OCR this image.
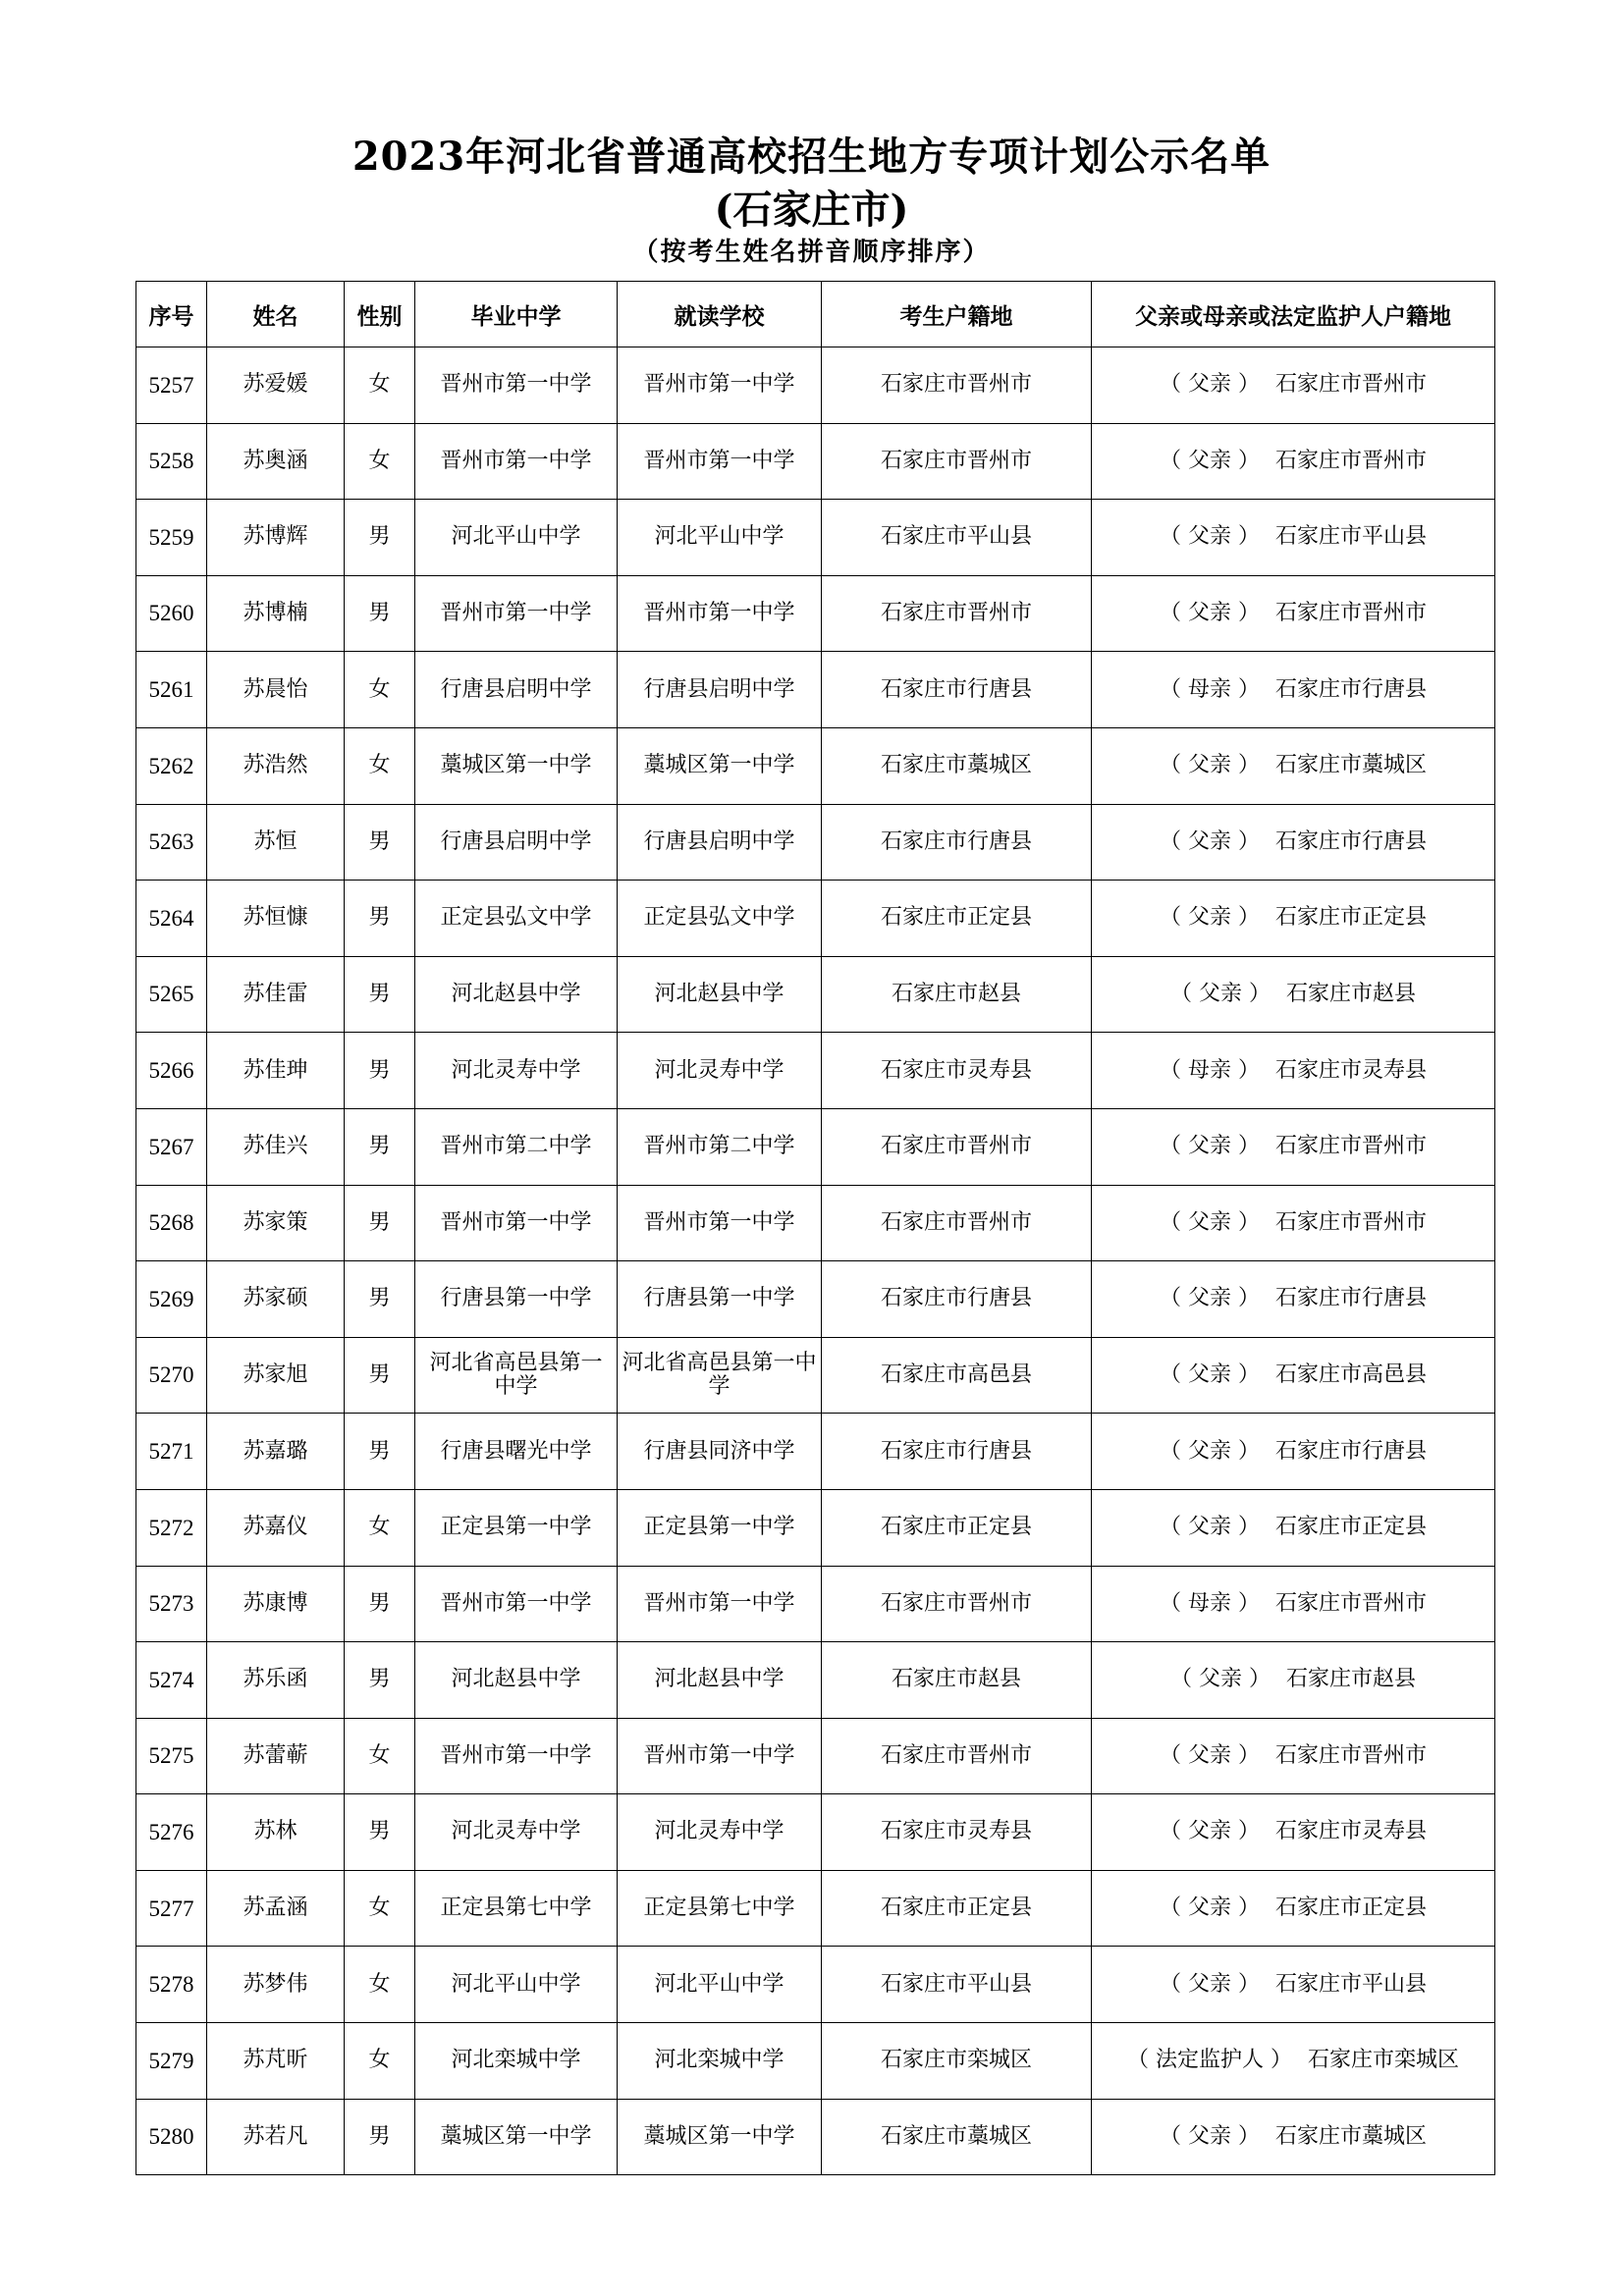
2023年河北省普通高校招生地方专项计划公示名单
(石家庄市)
（按考生姓名拼音顺序排序）
序号	姓名	性别	毕业中学	就读学校	考生户籍地	父亲或母亲或法定监护人户籍地
5257	苏爱媛	女	晋州市第一中学	晋州市第一中学	石家庄市晋州市	（ 父亲 ） 石家庄市晋州市
5258	苏奥涵	女	晋州市第一中学	晋州市第一中学	石家庄市晋州市	（ 父亲 ） 石家庄市晋州市
5259	苏博辉	男	河北平山中学	河北平山中学	石家庄市平山县	（ 父亲 ） 石家庄市平山县
5260	苏博楠	男	晋州市第一中学	晋州市第一中学	石家庄市晋州市	（ 父亲 ） 石家庄市晋州市
5261	苏晨怡	女	行唐县启明中学	行唐县启明中学	石家庄市行唐县	（ 母亲 ） 石家庄市行唐县
5262	苏浩然	女	藁城区第一中学	藁城区第一中学	石家庄市藁城区	（ 父亲 ） 石家庄市藁城区
5263	苏恒	男	行唐县启明中学	行唐县启明中学	石家庄市行唐县	（ 父亲 ） 石家庄市行唐县
5264	苏恒慷	男	正定县弘文中学	正定县弘文中学	石家庄市正定县	（ 父亲 ） 石家庄市正定县
5265	苏佳雷	男	河北赵县中学	河北赵县中学	石家庄市赵县	（ 父亲 ） 石家庄市赵县
5266	苏佳珅	男	河北灵寿中学	河北灵寿中学	石家庄市灵寿县	（ 母亲 ） 石家庄市灵寿县
5267	苏佳兴	男	晋州市第二中学	晋州市第二中学	石家庄市晋州市	（ 父亲 ） 石家庄市晋州市
5268	苏家策	男	晋州市第一中学	晋州市第一中学	石家庄市晋州市	（ 父亲 ） 石家庄市晋州市
5269	苏家硕	男	行唐县第一中学	行唐县第一中学	石家庄市行唐县	（ 父亲 ） 石家庄市行唐县
5270	苏家旭	男	河北省高邑县第一中学	河北省高邑县第一中学	石家庄市高邑县	（ 父亲 ） 石家庄市高邑县
5271	苏嘉璐	男	行唐县曙光中学	行唐县同济中学	石家庄市行唐县	（ 父亲 ） 石家庄市行唐县
5272	苏嘉仪	女	正定县第一中学	正定县第一中学	石家庄市正定县	（ 父亲 ） 石家庄市正定县
5273	苏康博	男	晋州市第一中学	晋州市第一中学	石家庄市晋州市	（ 母亲 ） 石家庄市晋州市
5274	苏乐函	男	河北赵县中学	河北赵县中学	石家庄市赵县	（ 父亲 ） 石家庄市赵县
5275	苏蕾蕲	女	晋州市第一中学	晋州市第一中学	石家庄市晋州市	（ 父亲 ） 石家庄市晋州市
5276	苏林	男	河北灵寿中学	河北灵寿中学	石家庄市灵寿县	（ 父亲 ） 石家庄市灵寿县
5277	苏孟涵	女	正定县第七中学	正定县第七中学	石家庄市正定县	（ 父亲 ） 石家庄市正定县
5278	苏梦伟	女	河北平山中学	河北平山中学	石家庄市平山县	（ 父亲 ） 石家庄市平山县
5279	苏芃昕	女	河北栾城中学	河北栾城中学	石家庄市栾城区	（ 法定监护人 ） 石家庄市栾城区
5280	苏若凡	男	藁城区第一中学	藁城区第一中学	石家庄市藁城区	（ 父亲 ） 石家庄市藁城区
